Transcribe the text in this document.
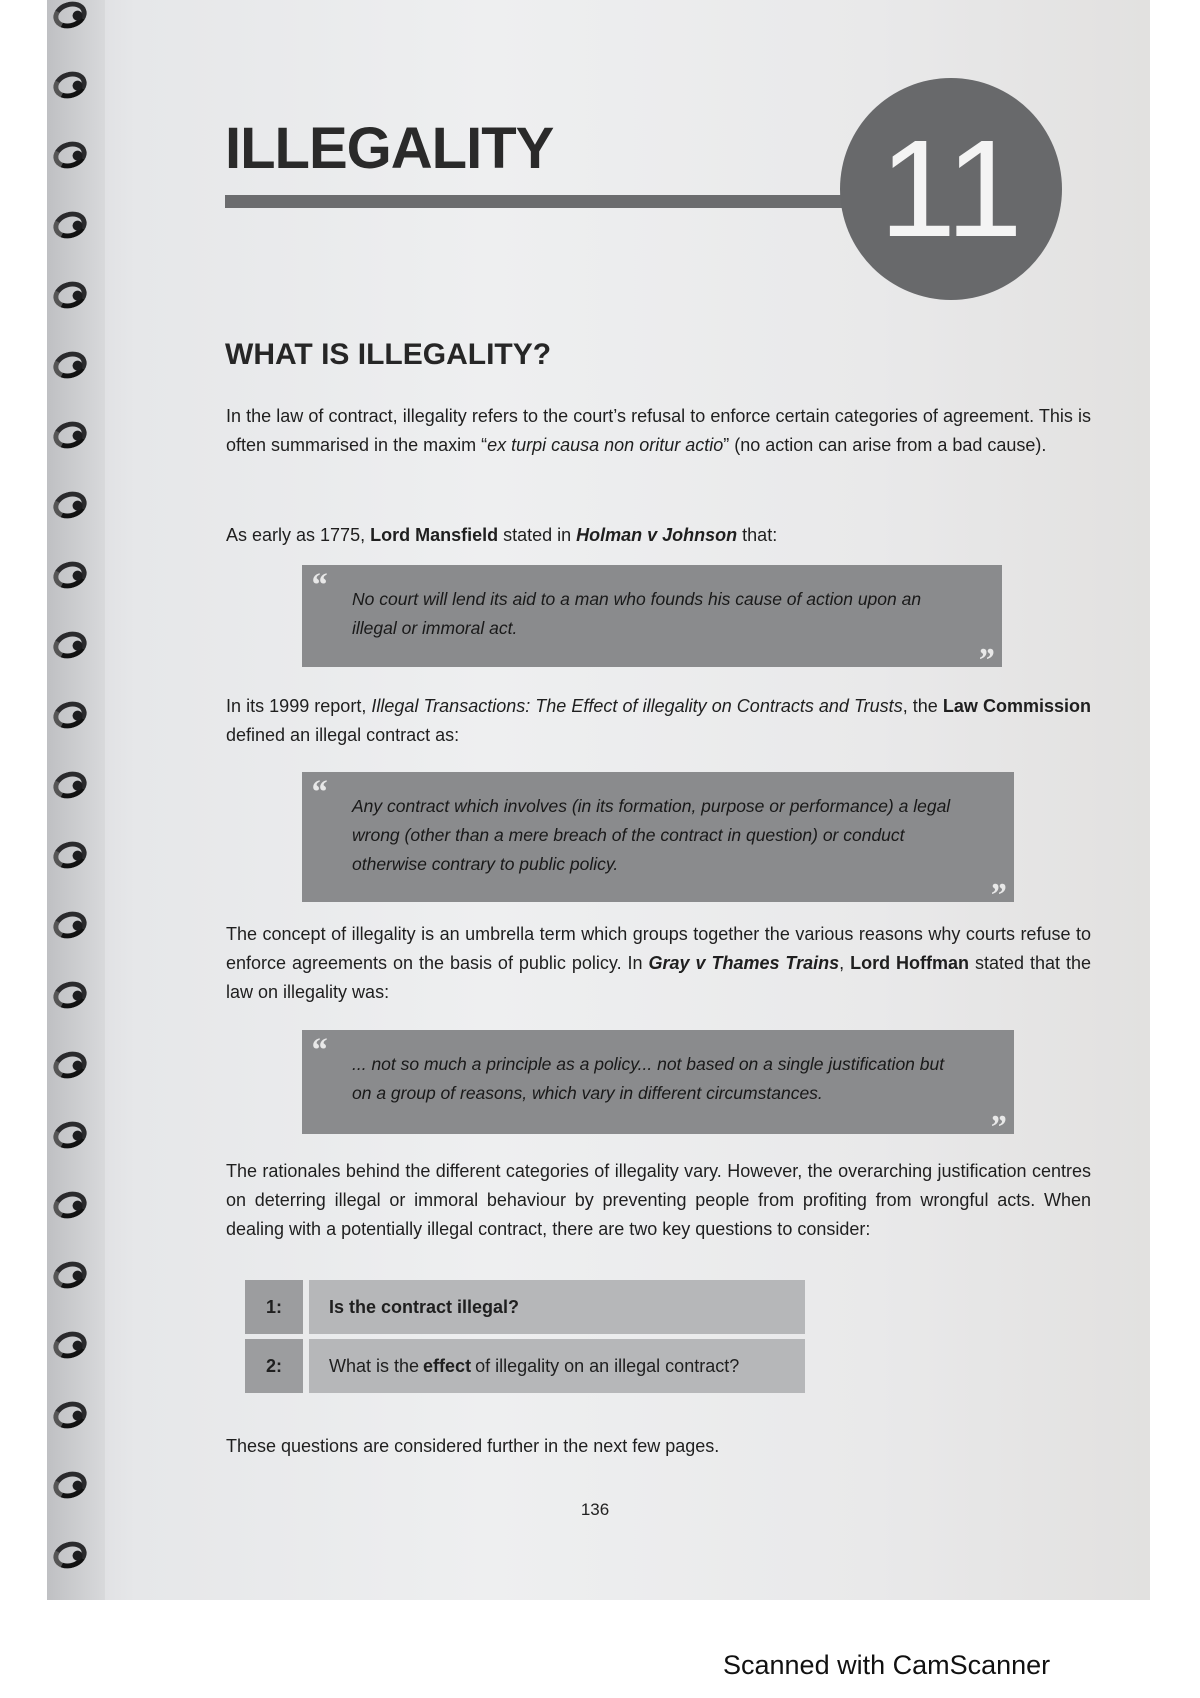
ILLEGALITY 11
WHAT IS ILLEGALITY?

In the law of contract, illegality refers to the court’s refusal to enforce certain categories of agreement. This is often summarised in the maxim “ex turpi causa non oritur actio” (no action can arise from a bad cause).

As early as 1775, Lord Mansfield stated in Holman v Johnson that:

“ No court will lend its aid to a man who founds his cause of action upon an illegal or immoral act.
”

In its 1999 report, Illegal Transactions: The Effect of illegality on Contracts and Trusts, the Law Commission defined an illegal contract as:

“ Any contract which involves (in its formation, purpose or performance) a legal wrong (other than a mere breach of the contract in question) or conduct otherwise contrary to public policy.
”

The concept of illegality is an umbrella term which groups together the various reasons why courts refuse to enforce agreements on the basis of public policy. In Gray v Thames Trains, Lord Hoffman stated that the law on illegality was:

“ ... not so much a principle as a policy... not based on a single justification but on a group of reasons, which vary in different circumstances.
”

The rationales behind the different categories of illegality vary. However, the overarching justification centres on deterring illegal or immoral behaviour by preventing people from profiting from wrongful acts. When dealing with a potentially illegal contract, there are two key questions to consider:

1:	Is the contract illegal?
2:	What is the effect of illegality on an illegal contract?

These questions are considered further in the next few pages.

136

Scanned with CamScanner
